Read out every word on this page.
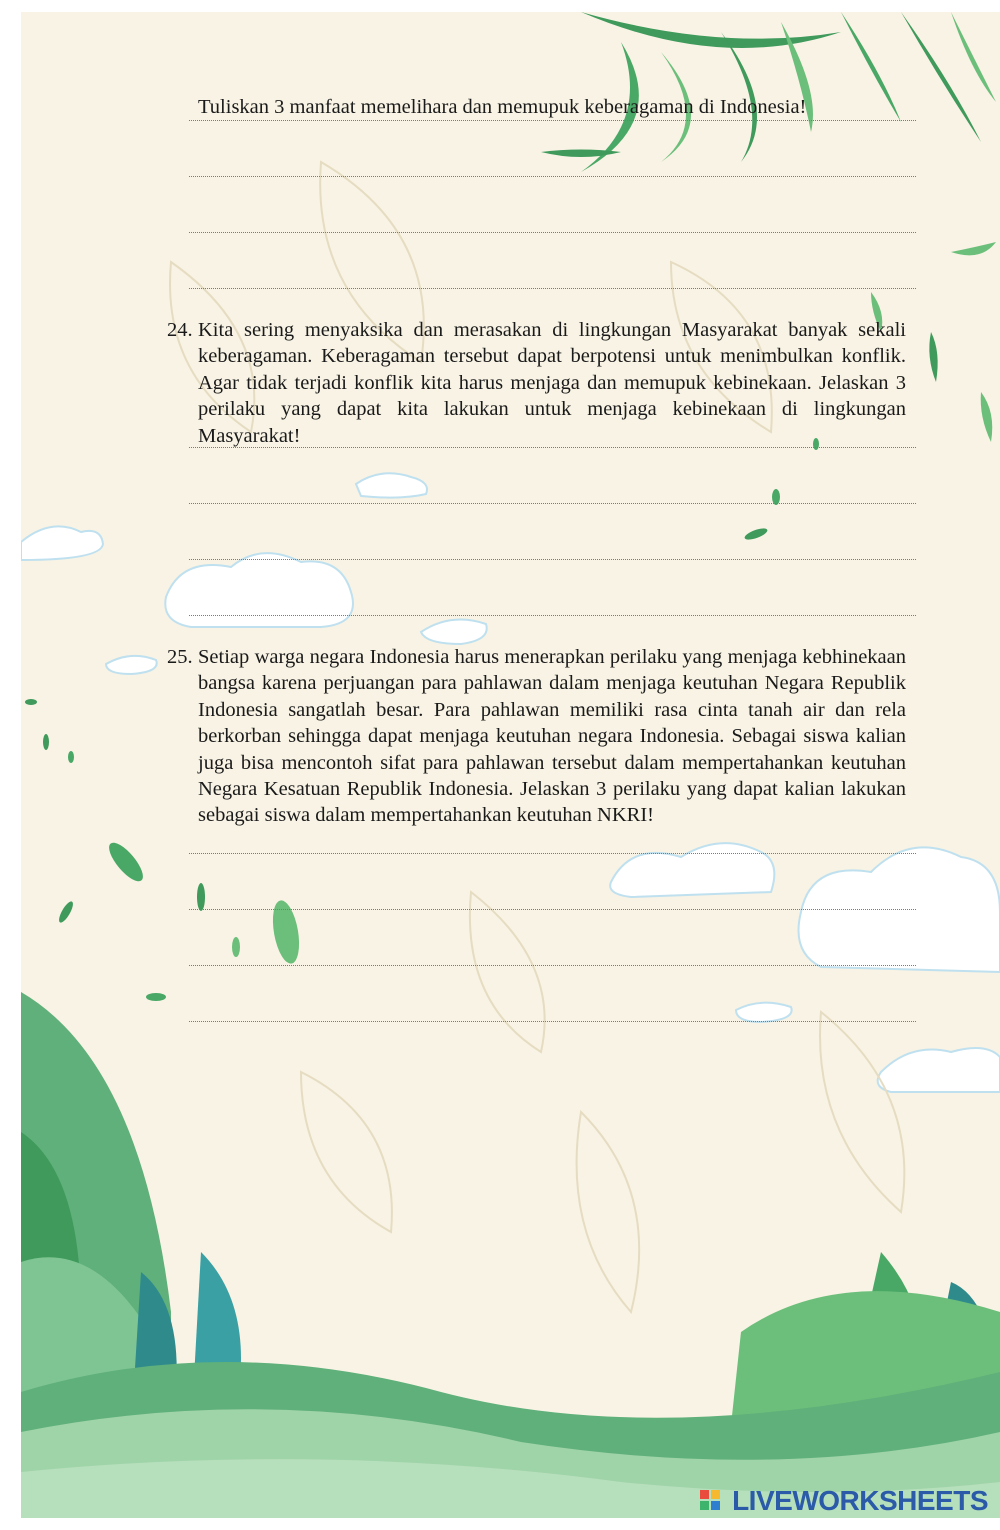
Tuliskan 3 manfaat memelihara dan memupuk keberagaman di Indonesia!
24. Kita sering menyaksika dan merasakan di lingkungan Masyarakat banyak sekali keberagaman. Keberagaman tersebut dapat berpotensi untuk menimbulkan konflik. Agar tidak terjadi konflik kita harus menjaga dan memupuk kebinekaan. Jelaskan 3 perilaku yang dapat kita lakukan untuk menjaga kebinekaan di lingkungan Masyarakat!
25. Setiap warga negara Indonesia harus menerapkan perilaku yang menjaga kebhinekaan bangsa karena perjuangan para pahlawan dalam menjaga keutuhan Negara Republik Indonesia sangatlah besar. Para pahlawan memiliki rasa cinta tanah air dan rela berkorban sehingga dapat menjaga keutuhan negara Indonesia. Sebagai siswa kalian juga bisa mencontoh sifat para pahlawan tersebut dalam mempertahankan keutuhan Negara Kesatuan Republik Indonesia. Jelaskan 3 perilaku yang dapat kalian lakukan sebagai siswa dalam mempertahankan keutuhan NKRI!
LIVEWORKSHEETS
